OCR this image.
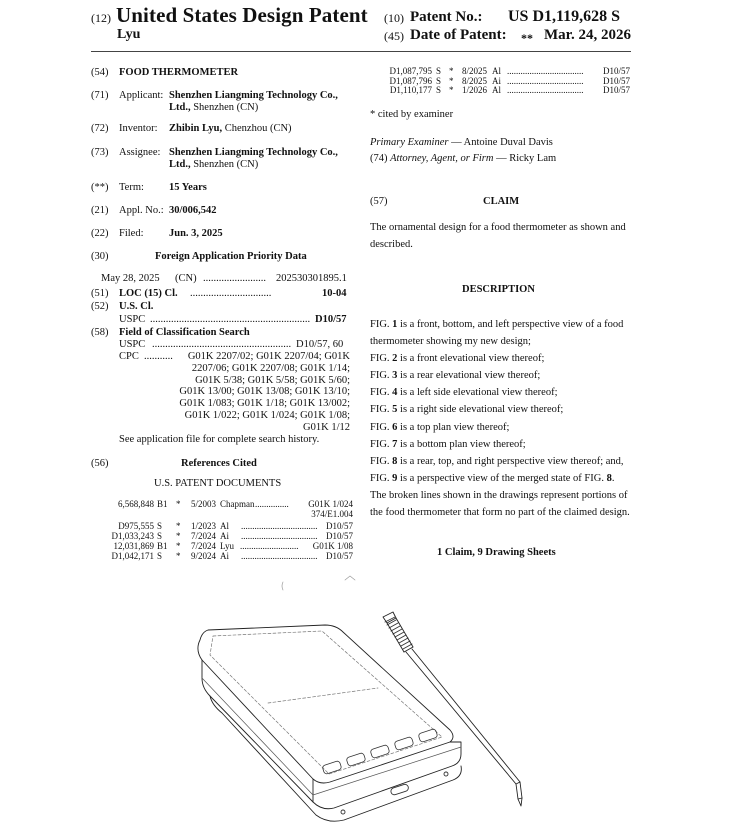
(12) United States Design Patent
Lyu
(10) Patent No.: US D1,119,628 S
(45) Date of Patent: ** Mar. 24, 2026
(54) FOOD THERMOMETER
(71) Applicant: Shenzhen Liangming Technology Co.,
Ltd., Shenzhen (CN)
(72) Inventor: Zhibin Lyu, Chenzhou (CN)
(73) Assignee: Shenzhen Liangming Technology Co.,
Ltd., Shenzhen (CN)
(**) Term: 15 Years
(21) Appl. No.: 30/006,542
(22) Filed: Jun. 3, 2025
(30)	Foreign Application Priority Data
May 28, 2025 (CN) ........................ 202530301895.1
(51) LOC (15) Cl. ...............................	10-04
(52) U.S. Cl.
USPC ............................................................. D10/57
(58) Field of Classification Search
USPC ..................................................... D10/57, 60
CPC ...........	G01K 2207/02; G01K 2207/04; G01K
2207/06; G01K 2207/08; G01K 1/14;
G01K 5/38; G01K 5/58; G01K 5/60;
G01K 13/00; G01K 13/08; G01K 13/10;
G01K 1/083; G01K 1/18; G01K 13/002;
G01K 1/022; G01K 1/024; G01K 1/08;
G01K 1/12
See application file for complete search history.
(56)	References Cited
U.S. PATENT DOCUMENTS
6,568,848 B1 * 5/2003 Chapman ...............	G01K 1/024
374/E1.004
D975,555 S * 1/2023 Al .................................. D10/57
D1,033,243 S * 7/2024 Ai .................................. D10/57
12,031,869 B1 * 7/2024 Lyu .......................... G01K 1/08
D1,042,171 S * 9/2024 Ai .................................. D10/57
D1,087,795 S * 8/2025 Al ..................................	D10/57
D1,087,796 S * 8/2025 Ai ..................................	D10/57
D1,110,177 S * 1/2026 Al ..................................	D10/57
* cited by examiner
Primary Examiner — Antoine Duval Davis
(74) Attorney, Agent, or Firm — Ricky Lam
(57)	CLAIM
The ornamental design for a food thermometer as shown and described.
DESCRIPTION

FIG. 1 is a front, bottom, and left perspective view of a food thermometer showing my new design;

FIG. 2 is a front elevational view thereof;

FIG. 3 is a rear elevational view thereof;

FIG. 4 is a left side elevational view thereof;

FIG. 5 is a right side elevational view thereof;

FIG. 6 is a top plan view thereof;

FIG. 7 is a bottom plan view thereof;

FIG. 8 is a rear, top, and right perspective view thereof; and,

FIG. 9 is a perspective view of the merged state of FIG. 8.

The broken lines shown in the drawings represent portions of the food thermometer that form no part of the claimed design.

1 Claim, 9 Drawing Sheets
